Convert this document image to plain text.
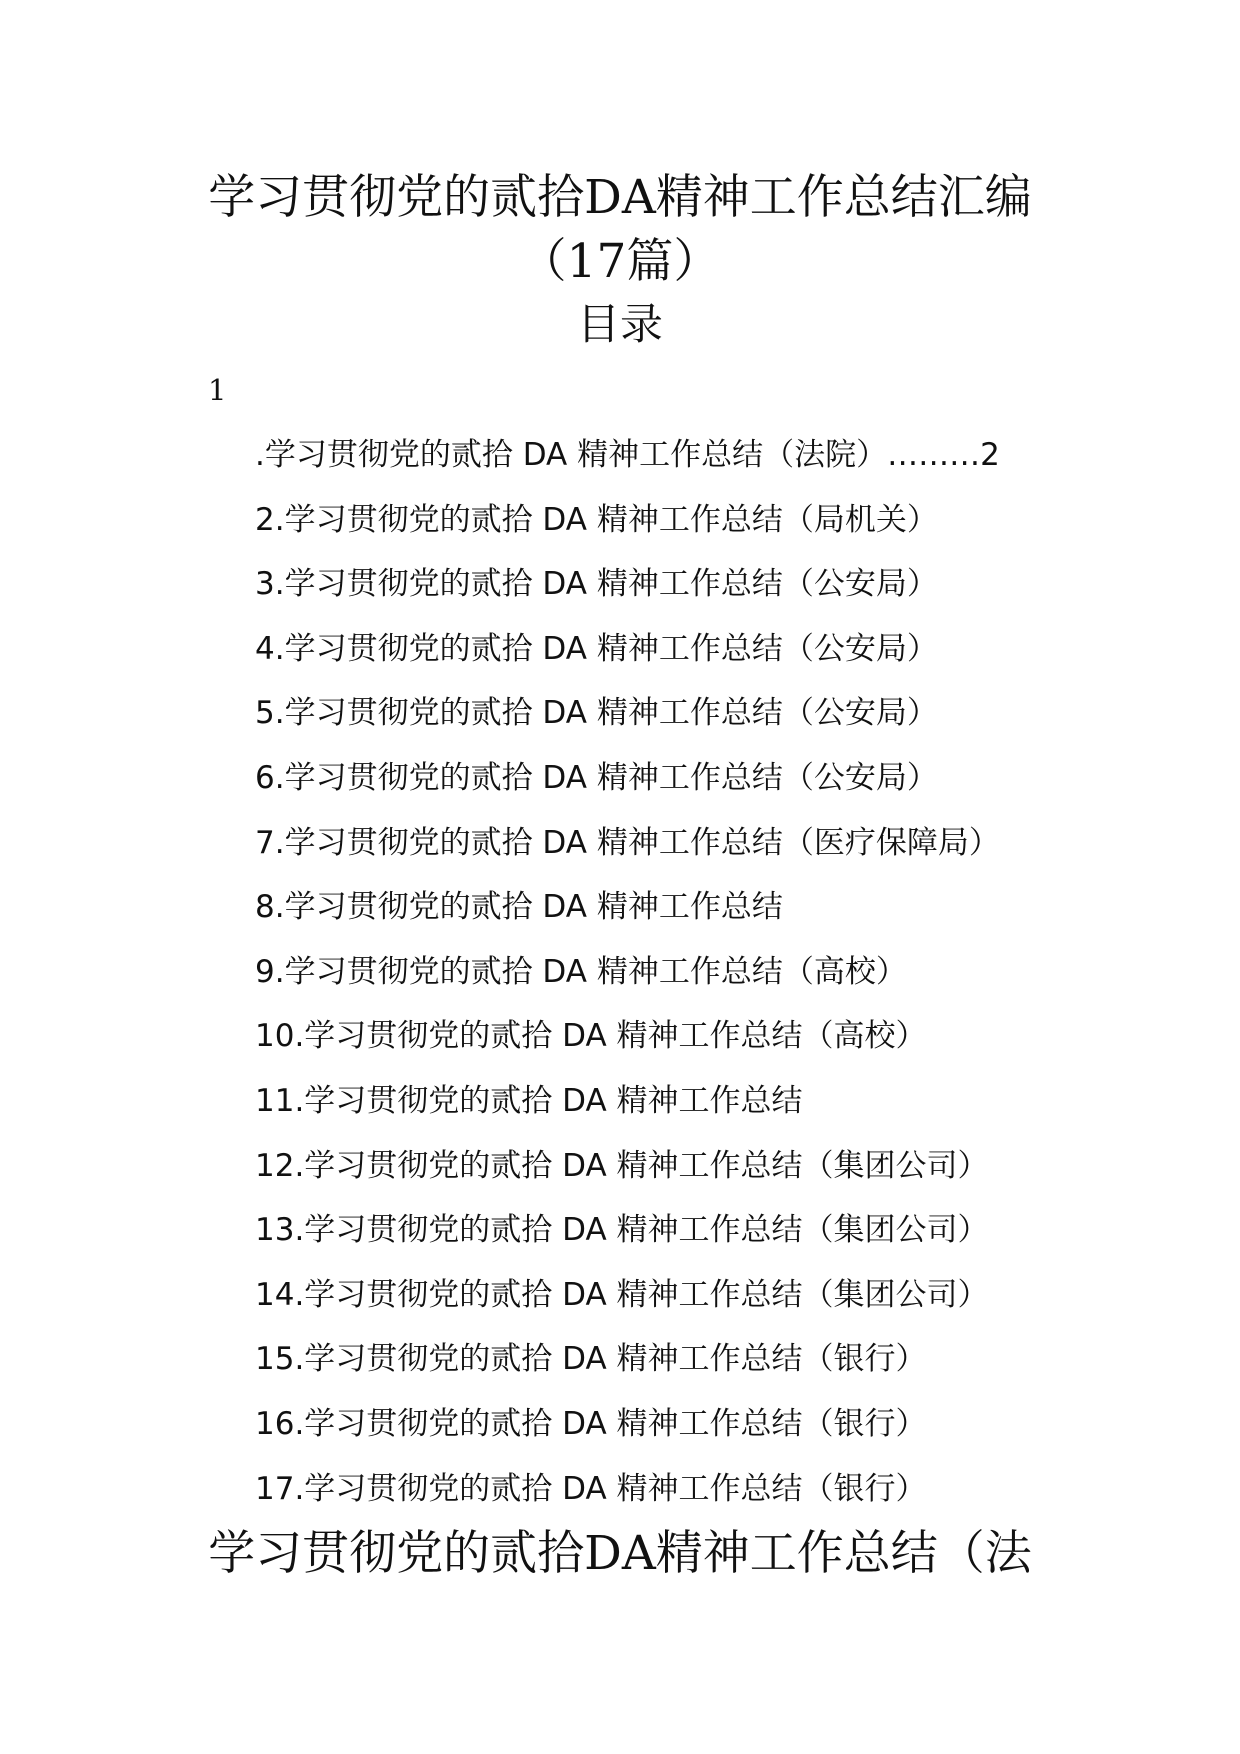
学习贯彻党的贰拾DA精神工作总结汇编
（17篇）
目录
1
.学习贯彻党的贰拾 DA 精神工作总结（法院）………2
2.学习贯彻党的贰拾 DA 精神工作总结（局机关）
3.学习贯彻党的贰拾 DA 精神工作总结（公安局）
4.学习贯彻党的贰拾 DA 精神工作总结（公安局）
5.学习贯彻党的贰拾 DA 精神工作总结（公安局）
6.学习贯彻党的贰拾 DA 精神工作总结（公安局）
7.学习贯彻党的贰拾 DA 精神工作总结（医疗保障局）
8.学习贯彻党的贰拾 DA 精神工作总结
9.学习贯彻党的贰拾 DA 精神工作总结（高校）
10.学习贯彻党的贰拾 DA 精神工作总结（高校）
11.学习贯彻党的贰拾 DA 精神工作总结
12.学习贯彻党的贰拾 DA 精神工作总结（集团公司）
13.学习贯彻党的贰拾 DA 精神工作总结（集团公司）
14.学习贯彻党的贰拾 DA 精神工作总结（集团公司）
15.学习贯彻党的贰拾 DA 精神工作总结（银行）
16.学习贯彻党的贰拾 DA 精神工作总结（银行）
17.学习贯彻党的贰拾 DA 精神工作总结（银行）
学习贯彻党的贰拾DA精神工作总结（法
